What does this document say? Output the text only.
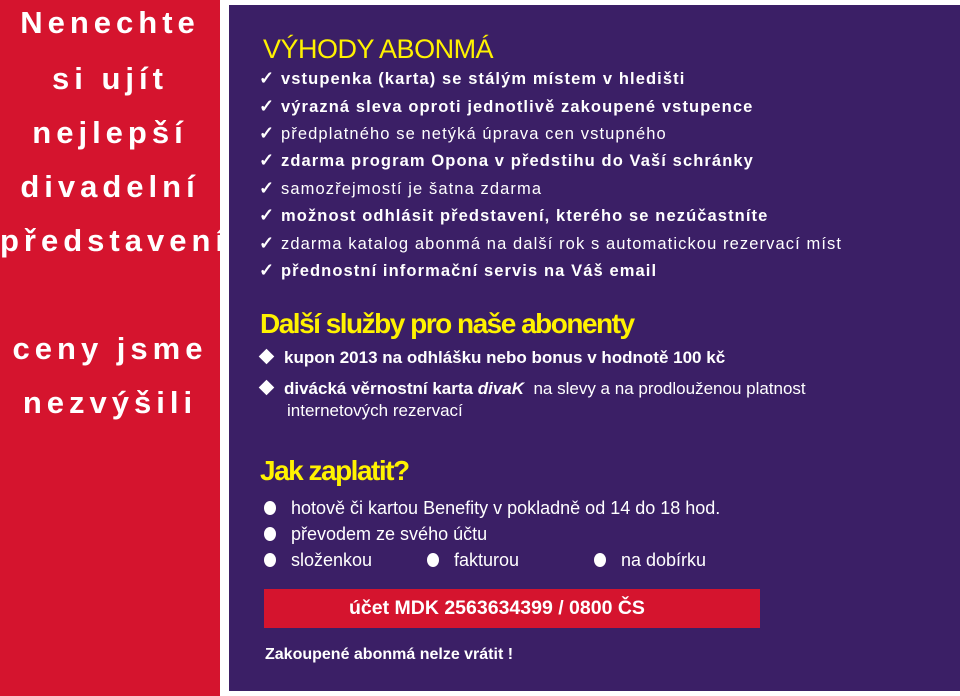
Nenechte
si ujít
nejlepší
divadelní
představení
ceny jsme
nezvýšili
VÝHODY ABONMÁ
✓ vstupenka (karta) se stálým místem v hledišti
✓ výrazná sleva oproti jednotlivě zakoupené vstupence
✓ předplatného se netýká úprava cen vstupného
✓ zdarma program Opona v předstihu do Vaší schránky
✓ samozřejmostí je šatna zdarma
✓ možnost odhlásit představení, kterého se nezúčastníte
✓ zdarma katalog abonmá na další rok s automatickou rezervací míst
✓ přednostní informační servis na Váš email
Další služby pro naše abonenty
kupon 2013 na odhlášku nebo bonus v hodnotě 100 kč
divácká věrnostní karta divaK na slevy a na prodlouženou platnost
internetových rezervací
Jak zaplatit?
hotově či kartou Benefity v pokladně od 14 do 18 hod.
převodem ze svého účtu
složenkou	fakturou	na dobírku
účet MDK 2563634399 / 0800 ČS
Zakoupené abonmá nelze vrátit !
